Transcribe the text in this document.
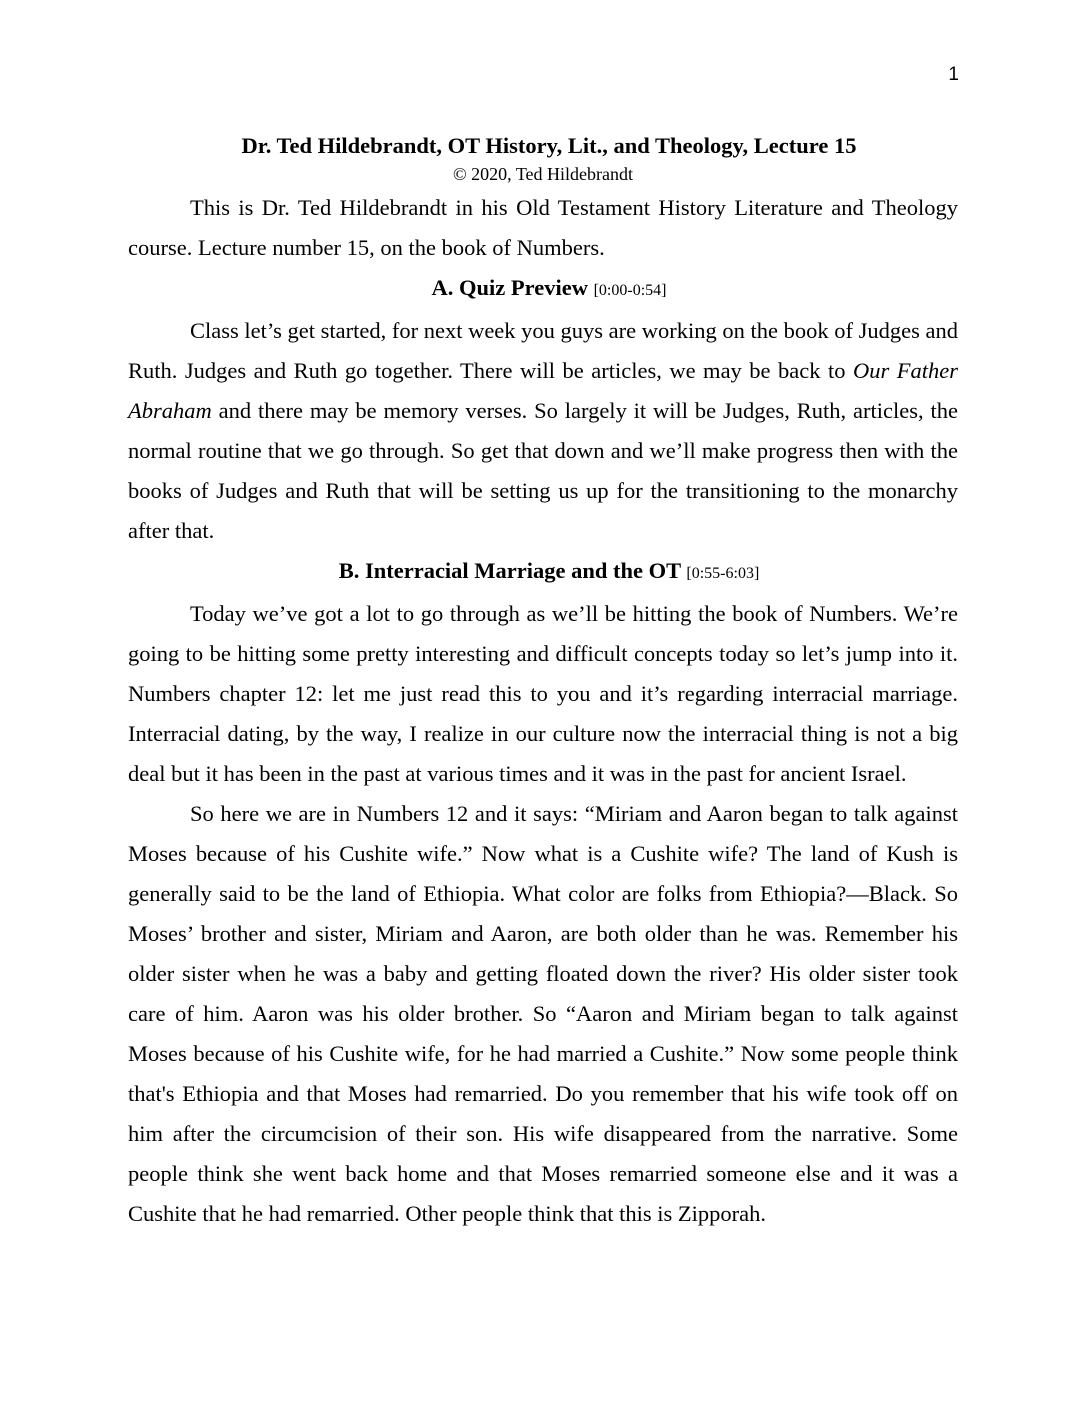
1

Dr. Ted Hildebrandt, OT History, Lit., and Theology, Lecture 15

© 2020, Ted Hildebrandt

This is Dr. Ted Hildebrandt in his Old Testament History Literature and Theology course. Lecture number 15, on the book of Numbers.

A. Quiz Preview [0:00-0:54]

Class let’s get started, for next week you guys are working on the book of Judges and Ruth. Judges and Ruth go together. There will be articles, we may be back to Our Father Abraham and there may be memory verses. So largely it will be Judges, Ruth, articles, the normal routine that we go through. So get that down and we’ll make progress then with the books of Judges and Ruth that will be setting us up for the transitioning to the monarchy after that.

B. Interracial Marriage and the OT [0:55-6:03]

Today we’ve got a lot to go through as we’ll be hitting the book of Numbers. We’re going to be hitting some pretty interesting and difficult concepts today so let’s jump into it. Numbers chapter 12: let me just read this to you and it’s regarding interracial marriage. Interracial dating, by the way, I realize in our culture now the interracial thing is not a big deal but it has been in the past at various times and it was in the past for ancient Israel.

So here we are in Numbers 12 and it says: “Miriam and Aaron began to talk against Moses because of his Cushite wife.” Now what is a Cushite wife? The land of Kush is generally said to be the land of Ethiopia. What color are folks from Ethiopia?—Black. So Moses’ brother and sister, Miriam and Aaron, are both older than he was. Remember his older sister when he was a baby and getting floated down the river? His older sister took care of him. Aaron was his older brother. So “Aaron and Miriam began to talk against Moses because of his Cushite wife, for he had married a Cushite.” Now some people think that's Ethiopia and that Moses had remarried. Do you remember that his wife took off on him after the circumcision of their son. His wife disappeared from the narrative. Some people think she went back home and that Moses remarried someone else and it was a Cushite that he had remarried. Other people think that this is Zipporah.
